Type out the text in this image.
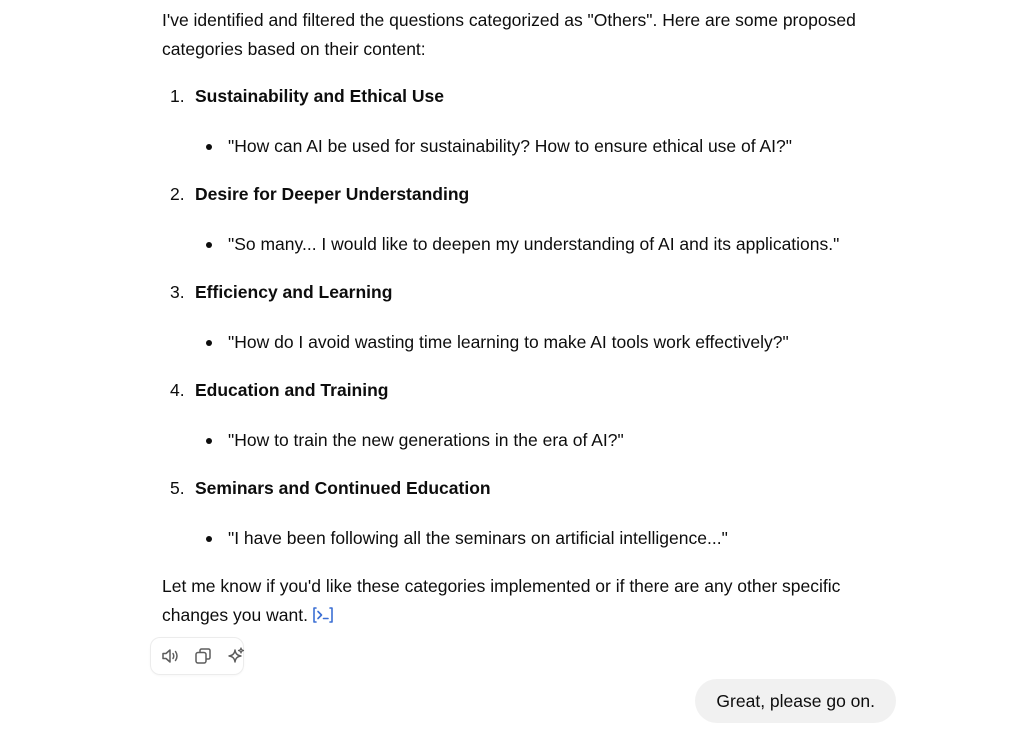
I've identified and filtered the questions categorized as "Others". Here are some proposed categories based on their content:

1. Sustainability and Ethical Use
"How can AI be used for sustainability? How to ensure ethical use of AI?"
2. Desire for Deeper Understanding
"So many... I would like to deepen my understanding of AI and its applications."
3. Efficiency and Learning
"How do I avoid wasting time learning to make AI tools work effectively?"
4. Education and Training
"How to train the new generations in the era of AI?"
5. Seminars and Continued Education
"I have been following all the seminars on artificial intelligence..."

Let me know if you'd like these categories implemented or if there are any other specific changes you want.

Great, please go on.
